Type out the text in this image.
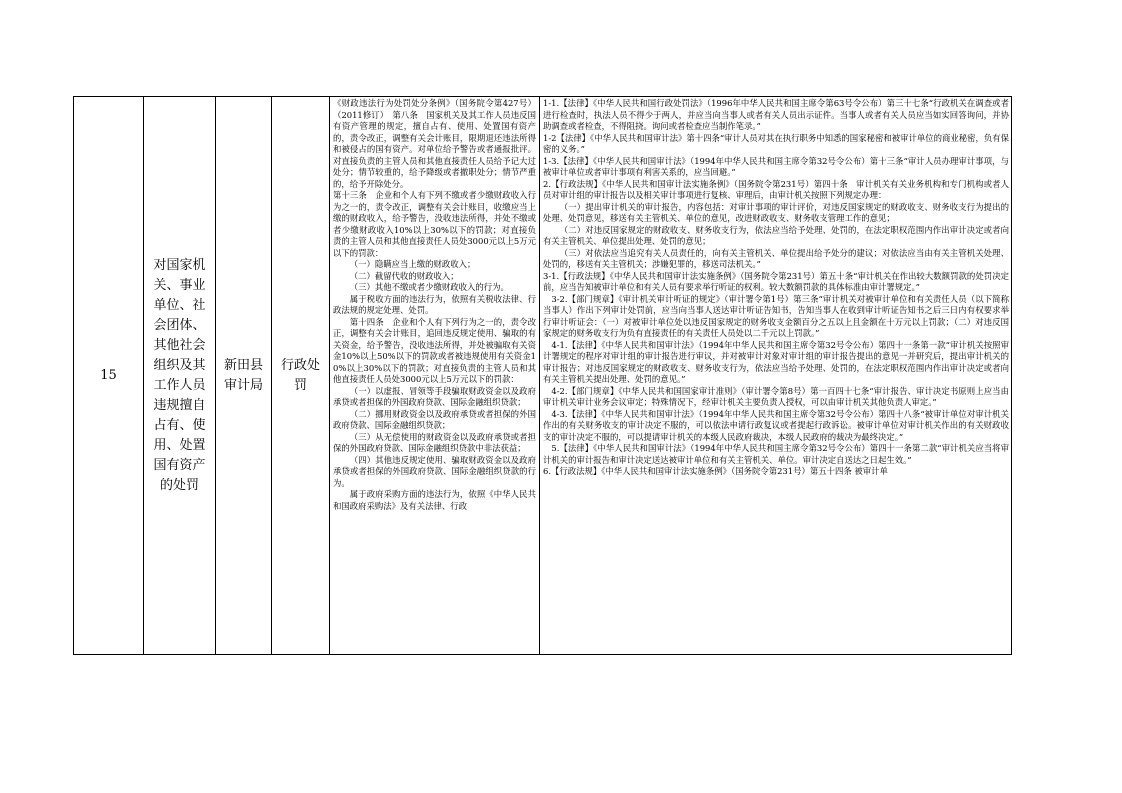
15
对国家机关、事业单位、社会团体、其他社会组织及其工作人员违规擅自占有、使用、处置国有资产的处罚
新田县审计局
行政处罚

《财政违法行为处罚处分条例》（国务院令第427号）（2011修订）　第八条　国家机关及其工作人员违反国有资产管理的规定，擅自占有、使用、处置国有资产的，责令改正，调整有关会计账目，限期退还违法所得和被侵占的国有资产。对单位给予警告或者通报批评。对直接负责的主管人员和其他直接责任人员给予记大过处分；情节较重的，给予降级或者撤职处分；情节严重的，给予开除处分。

第十三条　企业和个人有下列不缴或者少缴财政收入行为之一的，责令改正，调整有关会计账目，收缴应当上缴的财政收入，给予警告，没收违法所得，并处不缴或者少缴财政收入10%以上30%以下的罚款；对直接负责的主管人员和其他直接责任人员处3000元以上5万元以下的罚款：

（一）隐瞒应当上缴的财政收入；

（二）截留代收的财政收入；

（三）其他不缴或者少缴财政收入的行为。

属于税收方面的违法行为，依照有关税收法律、行政法规的规定处理、处罚。

第十四条　企业和个人有下列行为之一的，责令改正，调整有关会计账目，追回违反规定使用、骗取的有关资金，给予警告，没收违法所得，并处被骗取有关资金10%以上50%以下的罚款或者被违规使用有关资金10%以上30%以下的罚款；对直接负责的主管人员和其他直接责任人员处3000元以上5万元以下的罚款：

（一）以虚报、冒领等手段骗取财政资金以及政府承贷或者担保的外国政府贷款、国际金融组织贷款；

（二）挪用财政资金以及政府承贷或者担保的外国政府贷款、国际金融组织贷款；

（三）从无偿使用的财政资金以及政府承贷或者担保的外国政府贷款、国际金融组织贷款中非法获益；

（四）其他违反规定使用、骗取财政资金以及政府承贷或者担保的外国政府贷款、国际金融组织贷款的行为。

属于政府采购方面的违法行为，依照《中华人民共和国政府采购法》及有关法律、行政

1-1.【法律】《中华人民共和国行政处罚法》（1996年中华人民共和国主席令第63号令公布）第三十七条“行政机关在调查或者进行检查时，执法人员不得少于两人，并应当向当事人或者有关人员出示证件。当事人或者有关人员应当如实回答询问，并协助调查或者检查，不得阻挠。询问或者检查应当制作笔录。”

1-2【法律】《中华人民共和国审计法》第十四条“审计人员对其在执行职务中知悉的国家秘密和被审计单位的商业秘密，负有保密的义务。”

1-3.【法律】《中华人民共和国审计法》（1994年中华人民共和国主席令第32号令公布）第十三条“审计人员办理审计事项，与被审计单位或者审计事项有利害关系的，应当回避。”

2.【行政法规】《中华人民共和国审计法实施条例》（国务院令第231号）第四十条　审计机关有关业务机构和专门机构或者人员对审计组的审计报告以及相关审计事项进行复核、审理后，由审计机关按照下列规定办理：

（一）提出审计机关的审计报告，内容包括：对审计事项的审计评价，对违反国家规定的财政收支、财务收支行为提出的处理、处罚意见，移送有关主管机关、单位的意见，改进财政收支、财务收支管理工作的意见；

（二）对违反国家规定的财政收支、财务收支行为，依法应当给予处理、处罚的，在法定职权范围内作出审计决定或者向有关主管机关、单位提出处理、处罚的意见；

（三）对依法应当追究有关人员责任的，向有关主管机关、单位提出给予处分的建议；对依法应当由有关主管机关处理、处罚的，移送有关主管机关；涉嫌犯罪的，移送司法机关。”

3-1.【行政法规】《中华人民共和国审计法实施条例》（国务院令第231号）第五十条“审计机关在作出较大数额罚款的处罚决定前，应当告知被审计单位和有关人员有要求举行听证的权利。较大数额罚款的具体标准由审计署规定。”

3-2.【部门规章】《审计机关审计听证的规定》（审计署令第1号）第三条“审计机关对被审计单位和有关责任人员（以下简称当事人）作出下列审计处罚前，应当向当事人送达审计听证告知书，告知当事人在收到审计听证告知书之后三日内有权要求举行审计听证会：（一）对被审计单位处以违反国家规定的财务收支金额百分之五以上且金额在十万元以上罚款；（二）对违反国家规定的财务收支行为负有直接责任的有关责任人员处以二千元以上罚款。”

4-1.【法律】《中华人民共和国审计法》（1994年中华人民共和国主席令第32号令公布）第四十一条第一款“审计机关按照审计署规定的程序对审计组的审计报告进行审议，并对被审计对象对审计组的审计报告提出的意见一并研究后，提出审计机关的审计报告；对违反国家规定的财政收支、财务收支行为，依法应当给予处理、处罚的，在法定职权范围内作出审计决定或者向有关主管机关提出处理、处罚的意见。”

4-2.【部门规章】《中华人民共和国国家审计准则》（审计署令第8号）第一百四十七条“审计报告、审计决定书原则上应当由审计机关审计业务会议审定；特殊情况下，经审计机关主要负责人授权，可以由审计机关其他负责人审定。”

4-3.【法律】《中华人民共和国审计法》（1994年中华人民共和国主席令第32号令公布）第四十八条“被审计单位对审计机关作出的有关财务收支的审计决定不服的，可以依法申请行政复议或者提起行政诉讼。被审计单位对审计机关作出的有关财政收支的审计决定不服的，可以提请审计机关的本级人民政府裁决，本级人民政府的裁决为最终决定。”

5.【法律】《中华人民共和国审计法》（1994年中华人民共和国主席令第32号令公布）第四十一条第二款“审计机关应当将审计机关的审计报告和审计决定送达被审计单位和有关主管机关、单位。审计决定自送达之日起生效。”

6.【行政法规】《中华人民共和国审计法实施条例》（国务院令第231号）第五十四条 被审计单
